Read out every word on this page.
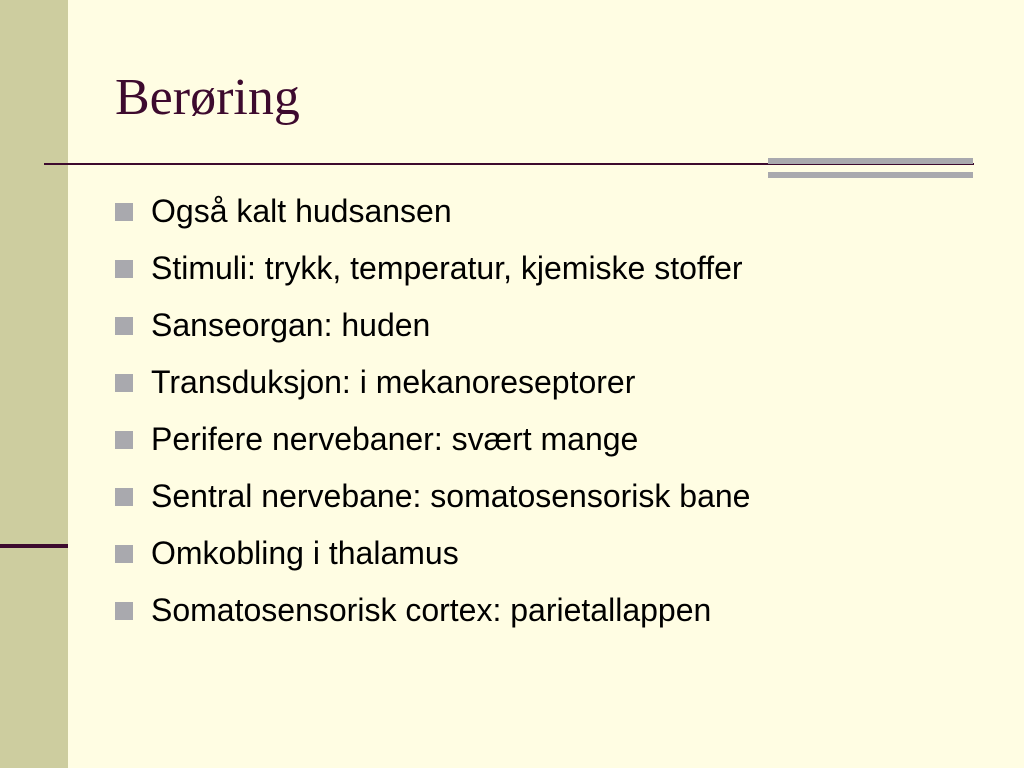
Berøring
Også kalt hudsansen
Stimuli: trykk, temperatur, kjemiske stoffer
Sanseorgan: huden
Transduksjon: i mekanoreseptorer
Perifere nervebaner: svært mange
Sentral nervebane: somatosensorisk bane
Omkobling i thalamus
Somatosensorisk cortex: parietallappen
